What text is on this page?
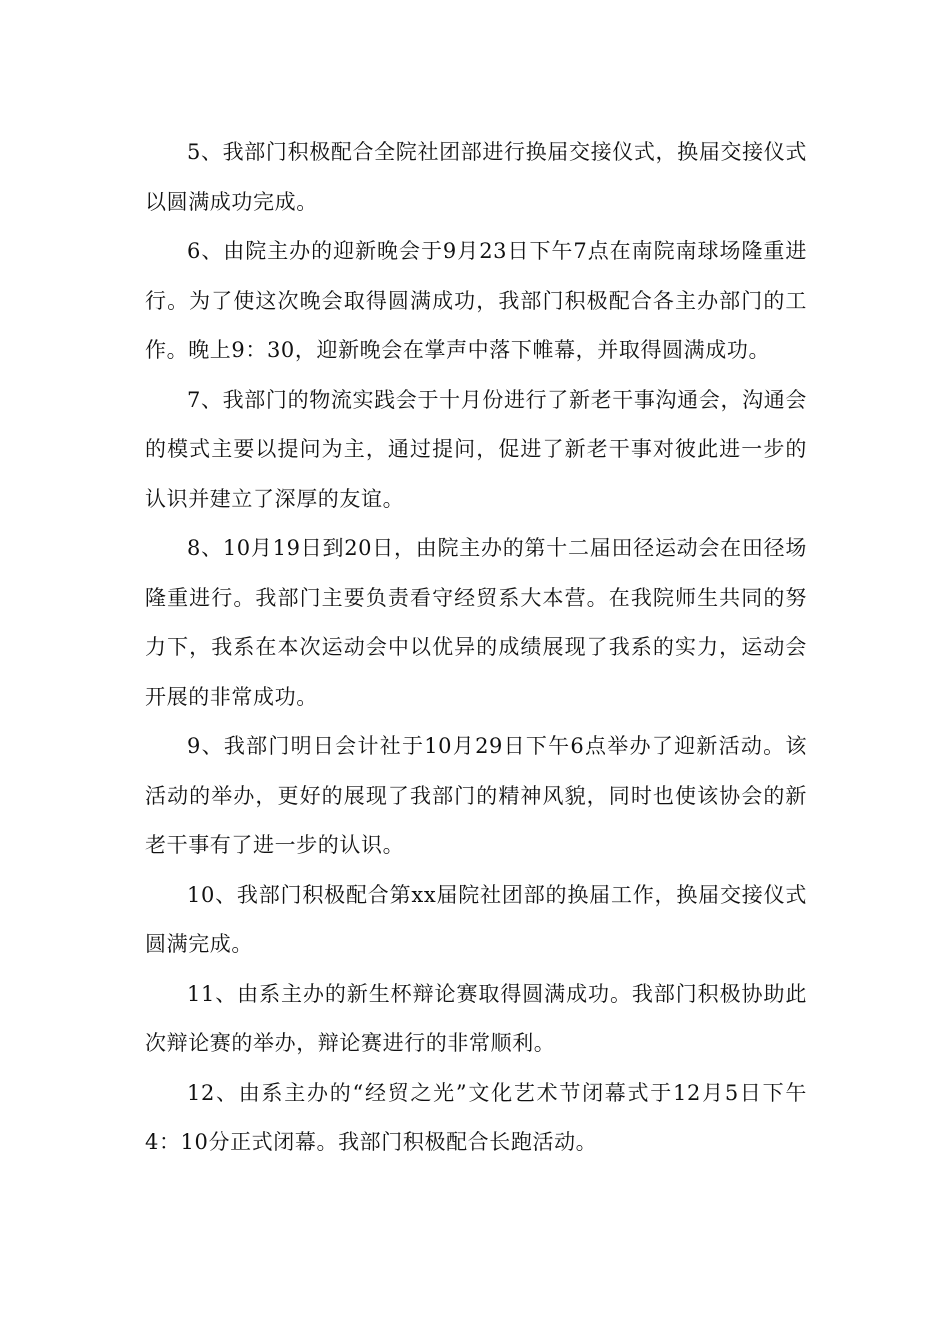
5、我部门积极配合全院社团部进行换届交接仪式，换届交接仪式以圆满成功完成。

6、由院主办的迎新晚会于9月23日下午7点在南院南球场隆重进行。为了使这次晚会取得圆满成功，我部门积极配合各主办部门的工作。晚上9：30，迎新晚会在掌声中落下帷幕，并取得圆满成功。

7、我部门的物流实践会于十月份进行了新老干事沟通会，沟通会的模式主要以提问为主，通过提问，促进了新老干事对彼此进一步的认识并建立了深厚的友谊。

8、10月19日到20日，由院主办的第十二届田径运动会在田径场隆重进行。我部门主要负责看守经贸系大本营。在我院师生共同的努力下，我系在本次运动会中以优异的成绩展现了我系的实力，运动会开展的非常成功。

9、我部门明日会计社于10月29日下午6点举办了迎新活动。该活动的举办，更好的展现了我部门的精神风貌，同时也使该协会的新老干事有了进一步的认识。

10、我部门积极配合第xx届院社团部的换届工作，换届交接仪式圆满完成。

11、由系主办的新生杯辩论赛取得圆满成功。我部门积极协助此次辩论赛的举办，辩论赛进行的非常顺利。

12、由系主办的“经贸之光”文化艺术节闭幕式于12月5日下午4：10分正式闭幕。我部门积极配合长跑活动。
